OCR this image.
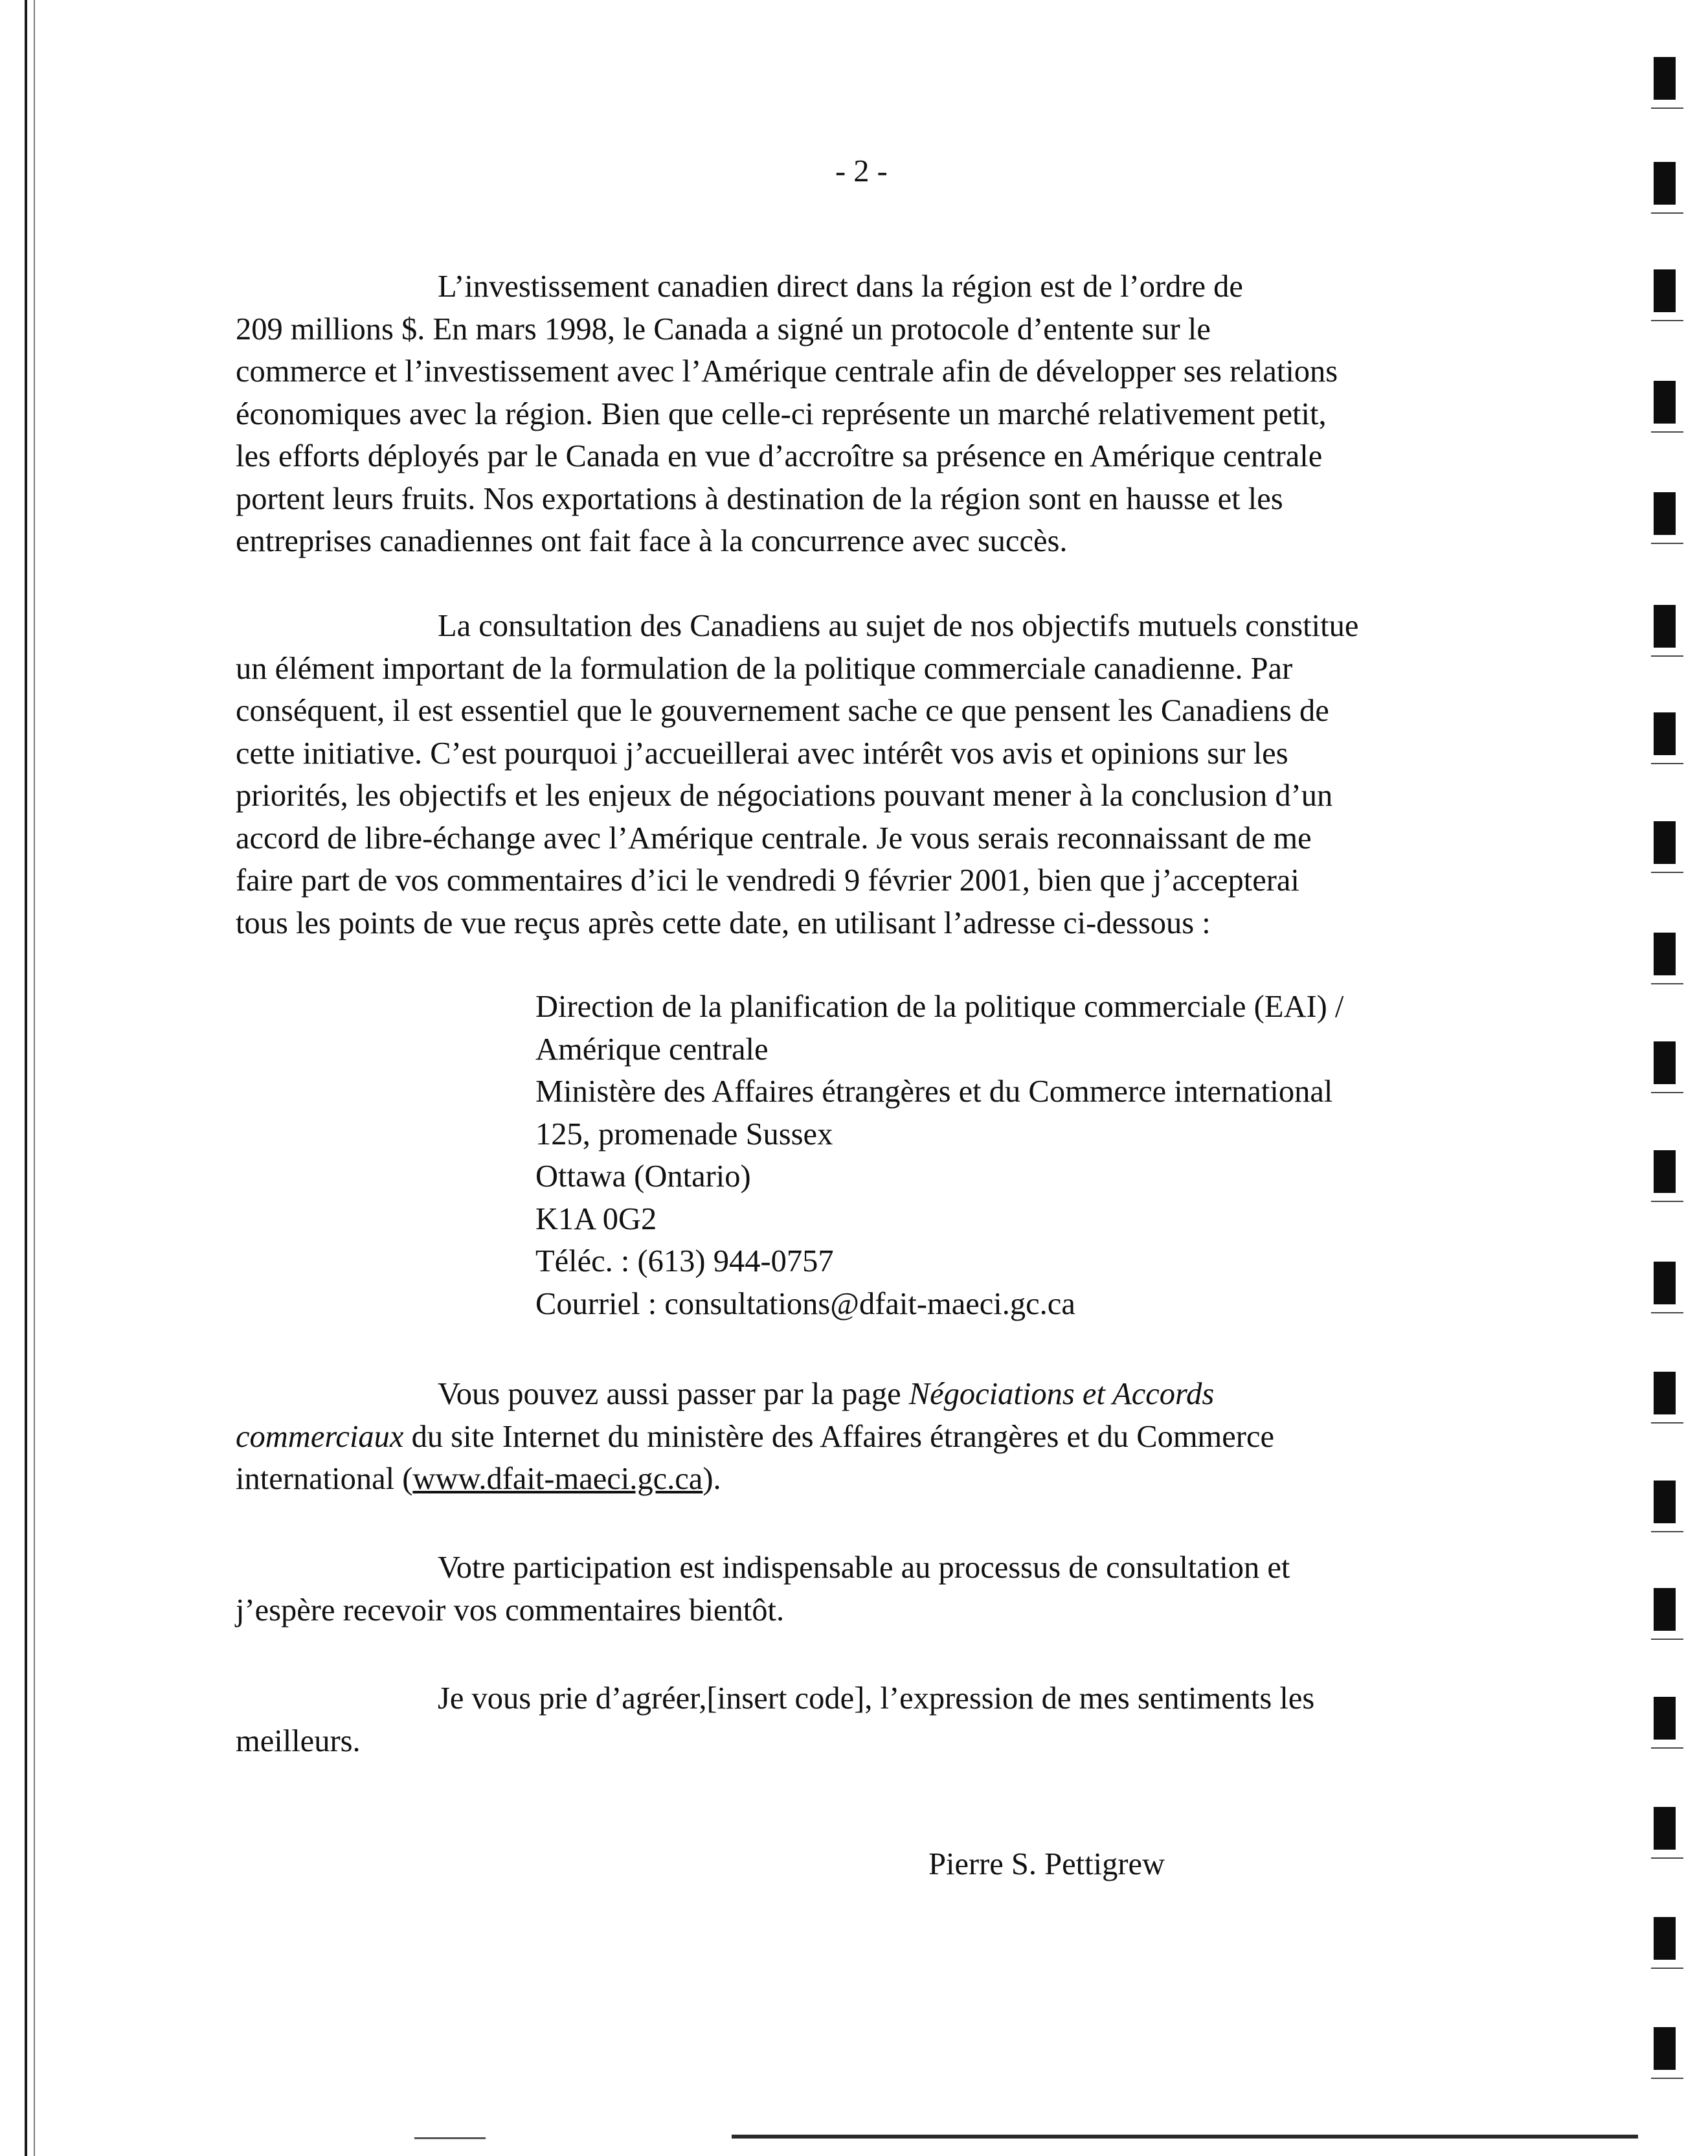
- 2 -
L’investissement canadien direct dans la région est de l’ordre de
209 millions $. En mars 1998, le Canada a signé un protocole d’entente sur le
commerce et l’investissement avec l’Amérique centrale afin de développer ses relations
économiques avec la région. Bien que celle-ci représente un marché relativement petit,
les efforts déployés par le Canada en vue d’accroître sa présence en Amérique centrale
portent leurs fruits. Nos exportations à destination de la région sont en hausse et les
entreprises canadiennes ont fait face à la concurrence avec succès.
La consultation des Canadiens au sujet de nos objectifs mutuels constitue
un élément important de la formulation de la politique commerciale canadienne. Par
conséquent, il est essentiel que le gouvernement sache ce que pensent les Canadiens de
cette initiative. C’est pourquoi j’accueillerai avec intérêt vos avis et opinions sur les
priorités, les objectifs et les enjeux de négociations pouvant mener à la conclusion d’un
accord de libre-échange avec l’Amérique centrale. Je vous serais reconnaissant de me
faire part de vos commentaires d’ici le vendredi 9 février 2001, bien que j’accepterai
tous les points de vue reçus après cette date, en utilisant l’adresse ci-dessous :
Direction de la planification de la politique commerciale (EAI) /
Amérique centrale
Ministère des Affaires étrangères et du Commerce international
125, promenade Sussex
Ottawa (Ontario)
K1A 0G2
Téléc. : (613) 944-0757
Courriel : consultations@dfait-maeci.gc.ca
Vous pouvez aussi passer par la page Négociations et Accords
commerciaux du site Internet du ministère des Affaires étrangères et du Commerce
international (www.dfait-maeci.gc.ca).
Votre participation est indispensable au processus de consultation et
j’espère recevoir vos commentaires bientôt.
Je vous prie d’agréer,[insert code], l’expression de mes sentiments les
meilleurs.
Pierre S. Pettigrew
